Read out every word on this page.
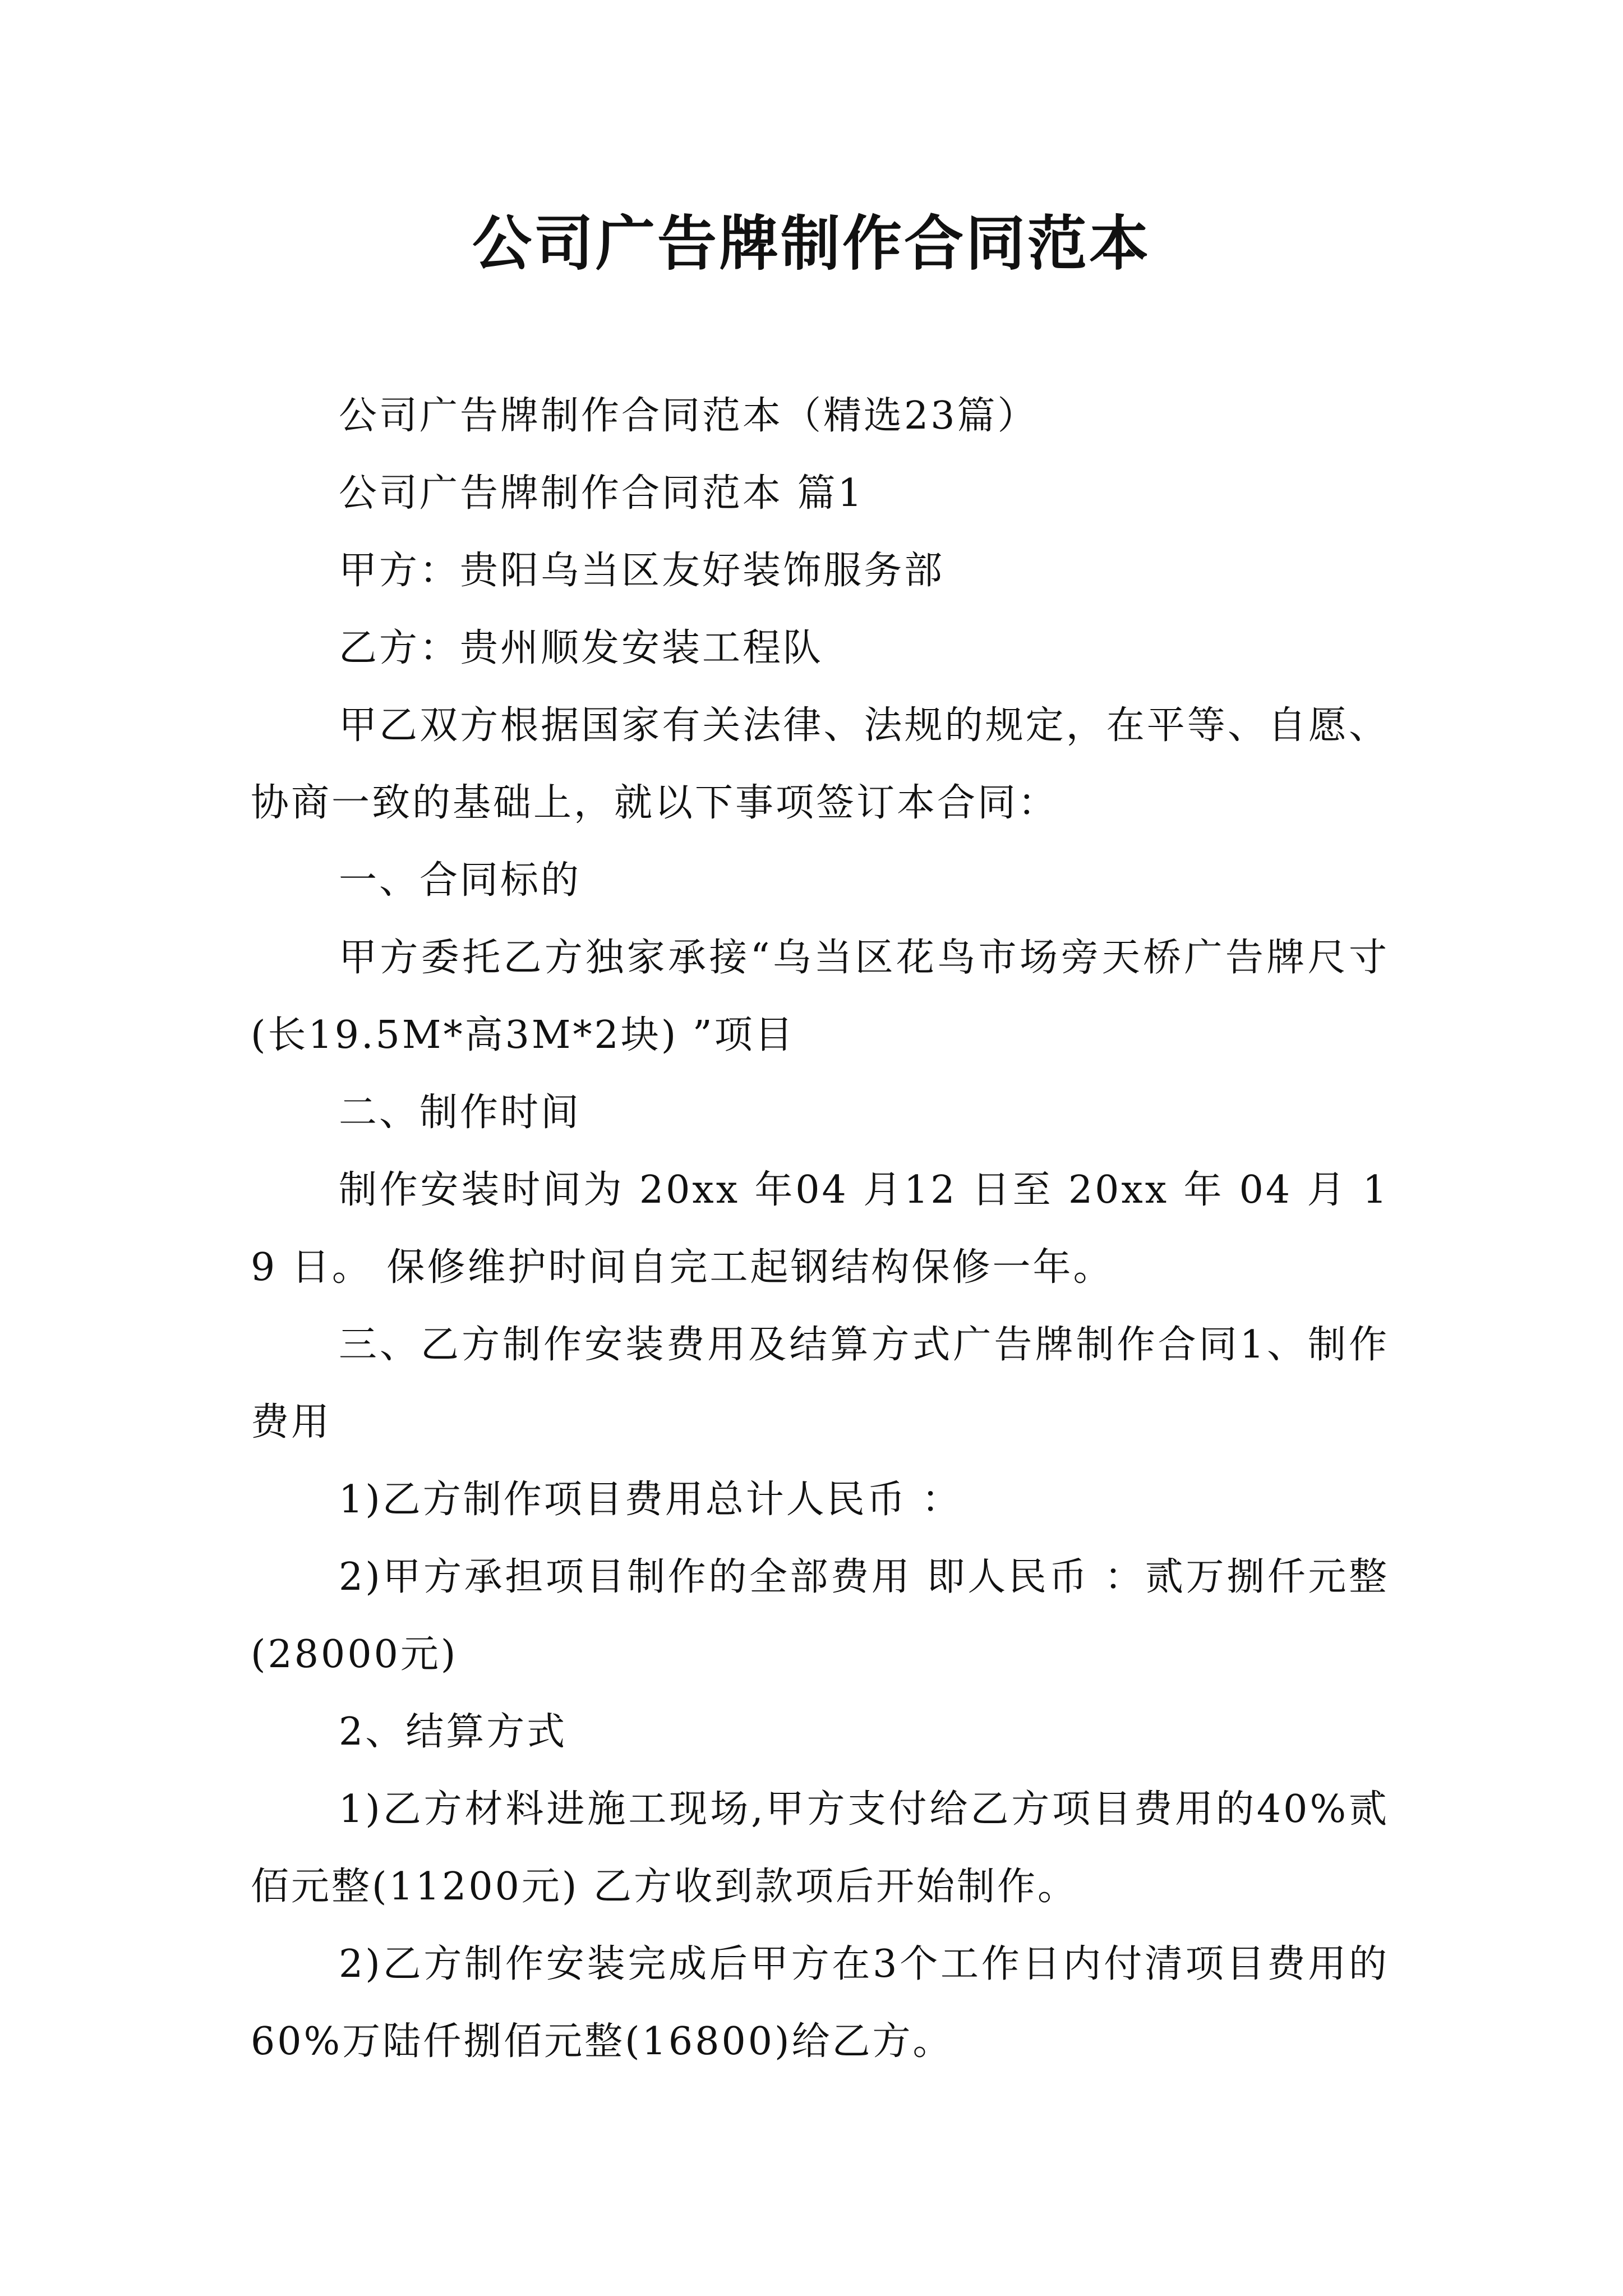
公司广告牌制作合同范本

公司广告牌制作合同范本（精选23篇）

公司广告牌制作合同范本 篇1

甲方：贵阳乌当区友好装饰服务部

乙方：贵州顺发安装工程队

甲乙双方根据国家有关法律、法规的规定，在平等、自愿、协商一致的基础上，就以下事项签订本合同：

一、合同标的

甲方委托乙方独家承接“乌当区花鸟市场旁天桥广告牌尺寸(长19.5M*高3M*2块) ”项目

二、制作时间

制作安装时间为 20xx 年04 月12 日至 20xx 年 04 月 19 日。 保修维护时间自完工起钢结构保修一年。

三、乙方制作安装费用及结算方式广告牌制作合同1、制作费用

1)乙方制作项目费用总计人民币 ：

2)甲方承担项目制作的全部费用 即人民币 ：贰万捌仟元整(28000元)

2、结算方式

1)乙方材料进施工现场,甲方支付给乙方项目费用的40%贰佰元整(11200元) 乙方收到款项后开始制作。

2)乙方制作安装完成后甲方在3个工作日内付清项目费用的60%万陆仟捌佰元整(16800)给乙方。
